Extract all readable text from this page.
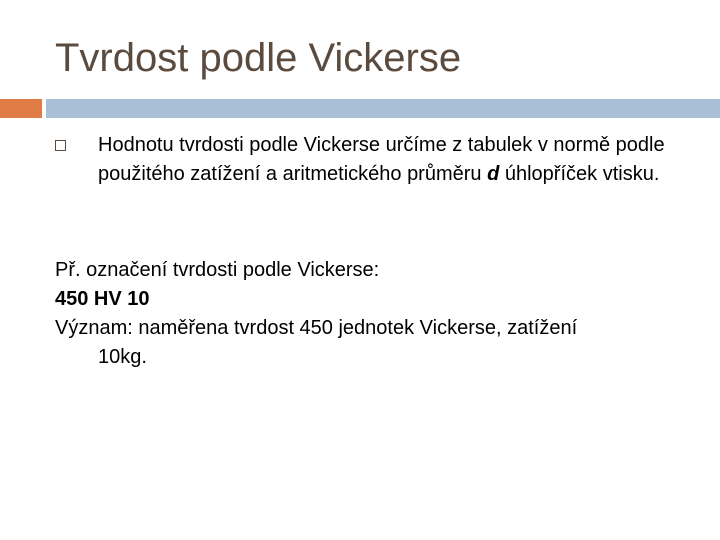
Tvrdost podle Vickerse
Hodnotu tvrdosti podle Vickerse určíme z tabulek v normě podle použitého zatížení a aritmetického průměru d úhlopříček vtisku.
Př. označení tvrdosti podle Vickerse:
450 HV 10
Význam: naměřena tvrdost 450 jednotek Vickerse, zatížení
10kg.
